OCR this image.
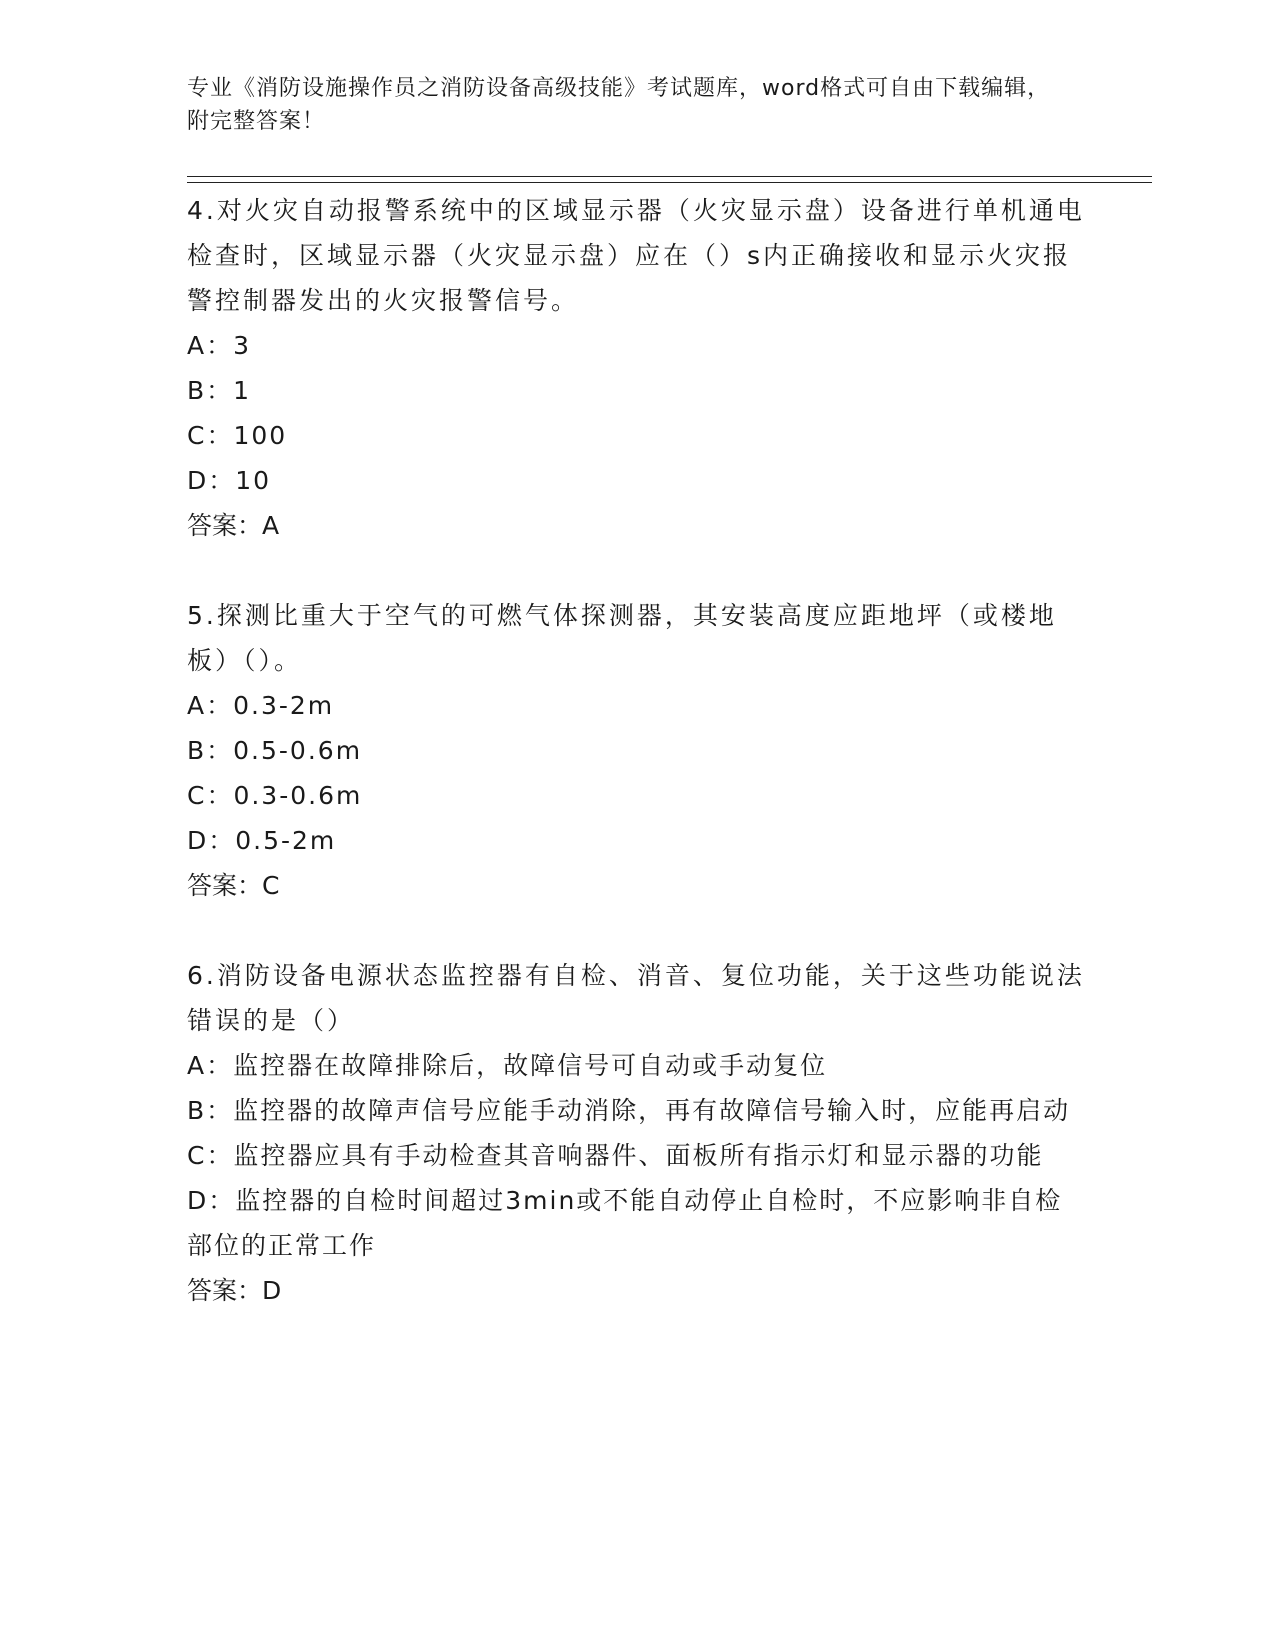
专业《消防设施操作员之消防设备高级技能》考试题库，word格式可自由下载编辑，附完整答案！
4.对火灾自动报警系统中的区域显示器（火灾显示盘）设备进行单机通电检查时，区域显示器（火灾显示盘）应在（）s内正确接收和显示火灾报警控制器发出的火灾报警信号。
A：3
B：1
C：100
D：10
答案：A
5.探测比重大于空气的可燃气体探测器，其安装高度应距地坪（或楼地板）（）。
A：0.3-2m
B：0.5-0.6m
C：0.3-0.6m
D：0.5-2m
答案：C
6.消防设备电源状态监控器有自检、消音、复位功能，关于这些功能说法错误的是（）
A：监控器在故障排除后，故障信号可自动或手动复位
B：监控器的故障声信号应能手动消除，再有故障信号输入时，应能再启动
C：监控器应具有手动检查其音响器件、面板所有指示灯和显示器的功能
D：监控器的自检时间超过3min或不能自动停止自检时，不应影响非自检部位的正常工作
答案：D
